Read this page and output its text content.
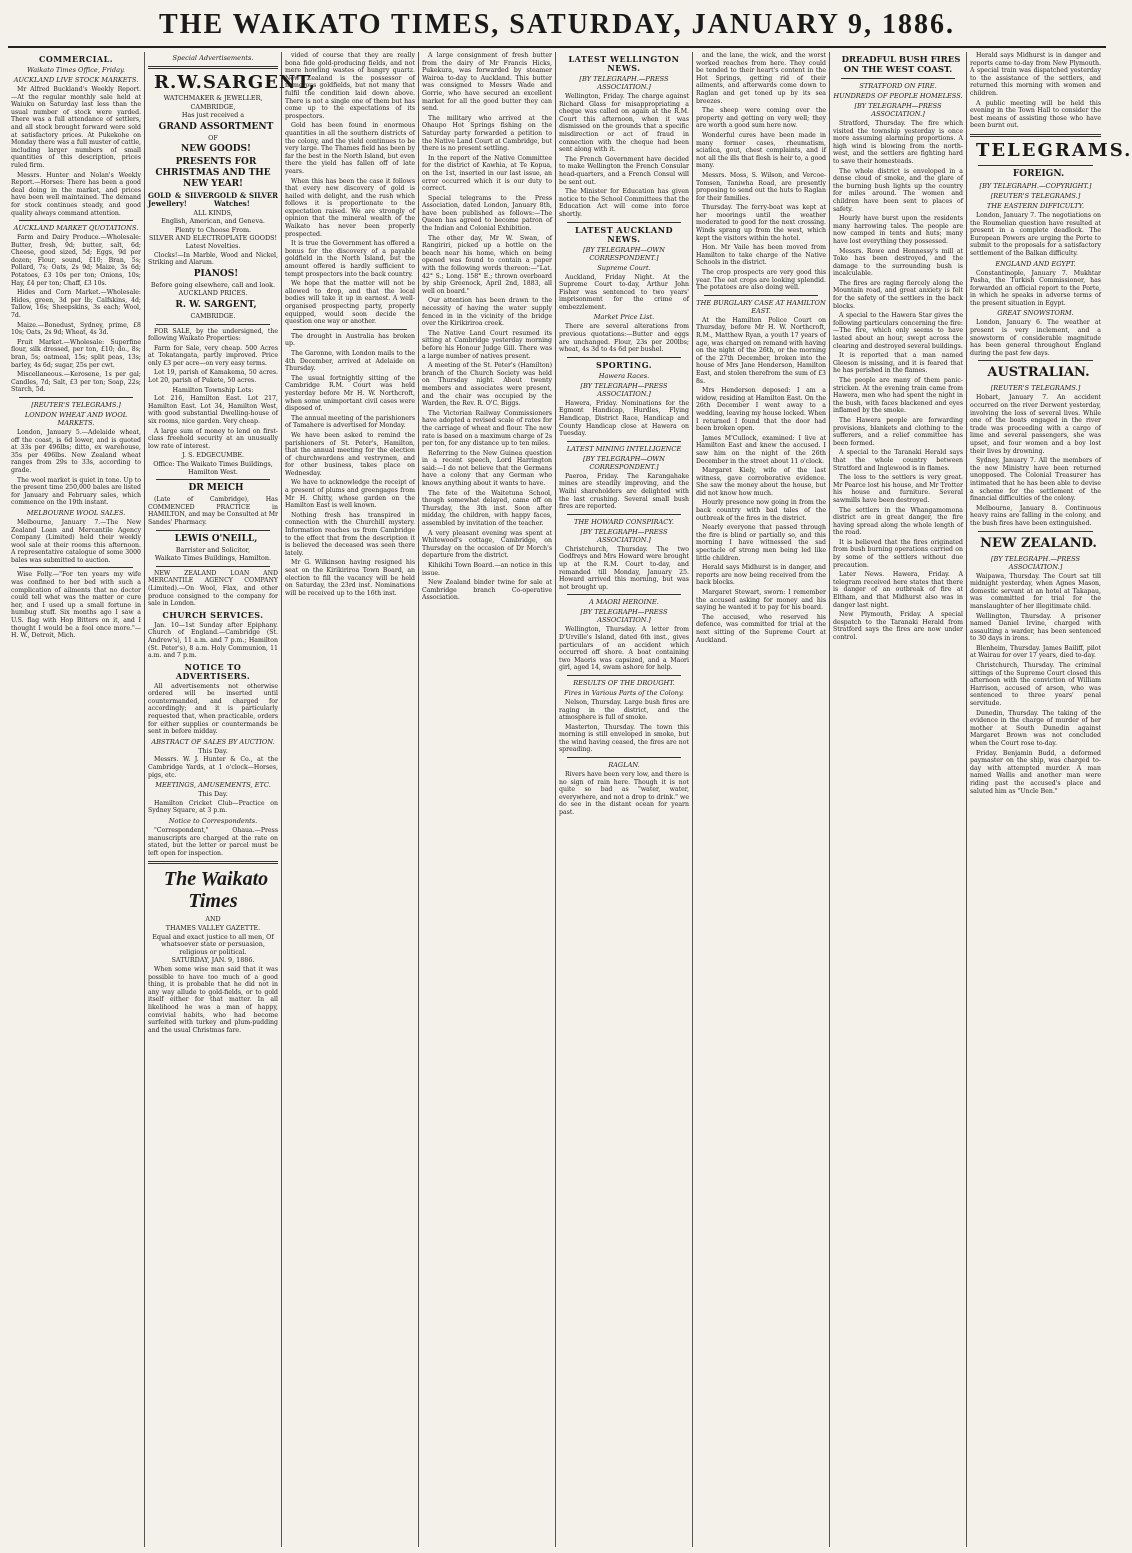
THE WAIKATO TIMES, SATURDAY, JANUARY 9, 1886.
COMMERCIAL.
Waikato Times Office, Friday.
AUCKLAND LIVE STOCK MARKETS.

Mr Alfred Buckland's Weekly Report. —At the regular monthly sale held at Waiuku on Saturday last less than the usual number of stock were yarded. There was a full attendance of settlers, and all stock brought forward were sold at satisfactory prices. At Pukekohe on Monday there was a full muster of cattle, including larger numbers of small quantities of this description, prices ruled firm.

Messrs. Hunter and Nolan's Weekly Report.—Horses: There has been a good deal doing in the market, and prices have been well maintained. The demand for stock continues steady, and good quality always command attention.

AUCKLAND MARKET QUOTATIONS.

Farm and Dairy Produce.—Wholesale: Butter, fresh, 9d; butter, salt, 6d; Cheese, good sized, 5d; Eggs, 9d per dozen; Flour, sound, £10; Bran, 5s; Pollard, 7s; Oats, 2s 9d; Maize, 3s 6d; Potatoes, £3 10s per ton; Onions, 10s; Hay, £4 per ton; Chaff, £3 10s.

Hides and Corn Market.—Wholesale: Hides, green, 3d per lb; Calfskins, 4d; Tallow, 16s; Sheepskins, 3s each; Wool, 7d.

Maize.—Bonedust, Sydney, prime, £8 10s; Oats, 2s 9d; Wheat, 4s 3d.

Fruit Market.—Wholesale: Superfine flour, silk dressed, per ton, £10; do., 8s; bran, 5s; oatmeal, 15s; split peas, 13s; barley, 4s 6d; sugar, 25s per cwt.

Miscellaneous.—Kerosene, 1s per gal; Candles, 7d; Salt, £3 per ton; Soap, 22s; Starch, 5d.

[REUTER'S TELEGRAMS.]
LONDON WHEAT AND WOOL MARKETS.

London, January 5.—Adelaide wheat, off the coast, is 6d lower, and is quoted at 33s per 496lbs; ditto, ex warehouse, 35s per 496lbs. New Zealand wheat ranges from 29s to 33s, according to grade.

The wool market is quiet in tone. Up to the present time 250,000 bales are listed for January and February sales, which commence on the 19th instant.

MELBOURNE WOOL SALES.

Melbourne, January 7.—The New Zealand Loan and Mercantile Agency Company (Limited) held their weekly wool sale at their rooms this afternoon. A representative catalogue of some 3000 bales was submitted to auction.

Wise Folly.—"For ten years my wife was confined to her bed with such a complication of ailments that no doctor could tell what was the matter or cure her, and I used up a small fortune in humbug stuff. Six months ago I saw a U.S. flag with Hop Bitters on it, and I thought I would be a fool once more."—H. W., Detroit, Mich.

Special Advertisements.

R.W.SARGENT,

WATCHMAKER & JEWELLER,

CAMBRIDGE,

Has just received a

GRAND ASSORTMENT

OF

NEW GOODS!

PRESENTS FOR CHRISTMAS AND THE NEW YEAR!

GOLD & SILVER Jewellery!
GOLD & SILVER Watches!

ALL KINDS,

English, American, and Geneva.

Plenty to Choose From.

SILVER AND ELECTROPLATE GOODS! Latest Novelties.

Clocks!—In Marble, Wood and Nickel, Striking and Alarum.

PIANOS!

Before going elsewhere, call and look.

AUCKLAND PRICES.

R. W. SARGENT,

CAMBRIDGE.

FOR SALE, by the undersigned, the following Waikato Properties:

Farm for Sale, very cheap. 500 Acres at Tokatangata, partly improved. Price only £3 per acre—on very easy terms.

Lot 19, parish of Kamakema, 50 acres. Lot 20, parish of Pukete, 50 acres.

Hamilton Township Lots:

Lot 216, Hamilton East. Lot 217, Hamilton East. Lot 34, Hamilton West, with good substantial Dwelling-house of six rooms, nice garden. Very cheap.

A large sum of money to lend on first-class freehold security at an unusually low rate of interest.

J. S. EDGECUMBE.

Office: The Waikato Times Buildings, Hamilton West.

DR MEICH

(Late of Cambridge), Has COMMENCED PRACTICE in HAMILTON, and may be Consulted at Mr Sandes' Pharmacy.

LEWIS O'NEILL,

Barrister and Solicitor,

Waikato Times Buildings, Hamilton.

NEW ZEALAND LOAN AND MERCANTILE AGENCY COMPANY (Limited).—On Wool, Flax, and other produce consigned to the company for sale in London.

CHURCH SERVICES.

Jan. 10—1st Sunday after Epiphany. Church of England.—Cambridge (St. Andrew's), 11 a.m. and 7 p.m.; Hamilton (St. Peter's), 8 a.m. Holy Communion, 11 a.m. and 7 p.m.

NOTICE TO ADVERTISERS.

All advertisements not otherwise ordered will be inserted until countermanded, and charged for accordingly; and it is particularly requested that, when practicable, orders for either supplies or countermands be sent in before midday.

ABSTRACT OF SALES BY AUCTION.

This Day.

Messrs. W. J. Hunter & Co., at the Cambridge Yards, at 1 o'clock—Horses, pigs, etc.

MEETINGS, AMUSEMENTS, ETC.

This Day.

Hamilton Cricket Club—Practice on Sydney Square, at 3 p.m.

Notice to Correspondents.

"Correspondent," Ohaua.—Press manuscripts are charged at the rate on stated, but the letter or parcel must be left open for inspection.

The Waikato Times

AND

THAMES VALLEY GAZETTE.

Equal and exact justice to all men, Of whatsoever state or persuasion, religious or political.

SATURDAY, JAN. 9, 1886.

When some wise man said that it was possible to have too much of a good thing, it is probable that he did not in any way allude to gold-fields, or to gold itself either for that matter. In all likelihood he was a man of happy, convivial habits, who had become surfeited with turkey and plum-pudding and the usual Christmas fare.

vided of course that they are really bona fide gold-producing fields, and not mere howling wastes of hungry quartz. New Zealand is the possessor of numerous goldfields, but not many that fulfil the condition laid down above. There is not a single one of them but has come up to the expectations of its prospectors.

Gold has been found in enormous quantities in all the southern districts of the colony, and the yield continues to be very large. The Thames field has been by far the best in the North Island, but even there the yield has fallen off of late years.

When this has been the case it follows that every new discovery of gold is hailed with delight, and the rush which follows it is proportionate to the expectation raised. We are strongly of opinion that the mineral wealth of the Waikato has never been properly prospected.

It is true the Government has offered a bonus for the discovery of a payable goldfield in the North Island, but the amount offered is hardly sufficient to tempt prospectors into the back country.

We hope that the matter will not be allowed to drop, and that the local bodies will take it up in earnest. A well-organised prospecting party, properly equipped, would soon decide the question one way or another.

The drought in Australia has broken up.

The Garonne, with London mails to the 4th December, arrived at Adelaide on Thursday.

The usual fortnightly sitting of the Cambridge R.M. Court was held yesterday before Mr H. W. Northcroft, when some unimportant civil cases were disposed of.

The annual meeting of the parishioners of Tamahere is advertised for Monday.

We have been asked to remind the parishioners of St. Peter's, Hamilton, that the annual meeting for the election of churchwardens and vestrymen, and for other business, takes place on Wednesday.

We have to acknowledge the receipt of a present of plums and greengages from Mr H. Chitty, whose garden on the Hamilton East is well known.

Nothing fresh has transpired in connection with the Churchill mystery. Information reaches us from Cambridge to the effect that from the description it is believed the deceased was seen there lately.

Mr G. Wilkinson having resigned his seat on the Kirikiriroa Town Board, an election to fill the vacancy will be held on Saturday, the 23rd inst. Nominations will be received up to the 16th inst.

A large consignment of fresh butter from the dairy of Mr Francis Hicks, Pukekura, was forwarded by steamer Wairoa to-day to Auckland. This butter was consigned to Messrs Wade and Gorrie, who have secured an excellent market for all the good butter they can send.

The military who arrived at the Ohaupo Hot Springs fishing on the Saturday party forwarded a petition to the Native Land Court at Cambridge, but there is no present settling.

In the report of the Native Committee for the district of Kawhia, at Te Kopua, on the 1st, inserted in our last issue, an error occurred which it is our duty to correct.

Special telegrams to the Press Association, dated London, January 8th, have been published as follows:—The Queen has agreed to become patron of the Indian and Colonial Exhibition.

The other day, Mr W. Swan, of Rangiriri, picked up a bottle on the beach near his home, which on being opened was found to contain a paper with the following words thereon:—"Lat. 42° S.; Long. 158° E.; thrown overboard by ship Greenock, April 2nd, 1883, all well on board."

Our attention has been drawn to the necessity of having the water supply fenced in in the vicinity of the bridge over the Kirikiriroa creek.

The Native Land Court resumed its sitting at Cambridge yesterday morning before his Honour Judge Gill. There was a large number of natives present.

A meeting of the St. Peter's (Hamilton) branch of the Church Society was held on Thursday night. About twenty members and associates were present, and the chair was occupied by the Warden, the Rev. R. O'C. Biggs.

The Victorian Railway Commissioners have adopted a revised scale of rates for the carriage of wheat and flour. The new rate is based on a maximum charge of 2s per ton, for any distance up to ten miles.

Referring to the New Guinea question in a recent speech, Lord Harrington said:—I do not believe that the Germans have a colony that any German who knows anything about it wants to have.

The fete of the Waitetuna School, though somewhat delayed, came off on Thursday, the 3th inst. Soon after midday, the children, with happy faces, assembled by invitation of the teacher.

A very pleasant evening was spent at Whitewood's cottage, Cambridge, on Thursday on the occasion of Dr Morch's departure from the district.

Kihikihi Town Board.—an notice in this issue.

New Zealand binder twine for sale at Cambridge branch Co-operative Association.

LATEST WELLINGTON NEWS.
[BY TELEGRAPH.—PRESS ASSOCIATION.]

Wellington, Friday. The charge against Richard Glass for misappropriating a cheque was called on again at the R.M. Court this afternoon, when it was dismissed on the grounds that a specific misdirection or act of fraud in connection with the cheque had been sent along with it.

The French Government have decided to make Wellington the French Consular head-quarters, and a French Consul will be sent out.

The Minister for Education has given notice to the School Committees that the Education Act will come into force shortly.

LATEST AUCKLAND NEWS.
[BY TELEGRAPH—OWN CORRESPONDENT.]
Supreme Court.

Auckland, Friday Night. At the Supreme Court to-day, Arthur John Fisher was sentenced to two years' imprisonment for the crime of embezzlement.

Market Price List.

There are several alterations from previous quotations:—Butter and eggs are unchanged. Flour, 23s per 200lbs; wheat, 4s 3d to 4s 6d per bushel.

SPORTING.
Hawera Races.
[BY TELEGRAPH—PRESS ASSOCIATION.]

Hawera, Friday. Nominations for the Egmont Handicap, Hurdles, Flying Handicap, District Race, Handicap and County Handicap close at Hawera on Tuesday.

LATEST MINING INTELLIGENCE
[BY TELEGRAPH—OWN CORRESPONDENT.]

Paeroa, Friday. The Karangahake mines are steadily improving, and the Waihi shareholders are delighted with the last crushing. Several small bush fires are reported.

THE HOWARD CONSPIRACY.
[BY TELEGRAPH—PRESS ASSOCIATION.]

Christchurch, Thursday. The two Godfreys and Mrs Howard were brought up at the R.M. Court to-day, and remanded till Monday, January 25. Howard arrived this morning, but was not brought up.

A MAORI HEROINE.
[BY TELEGRAPH—PRESS ASSOCIATION.]

Wellington, Thursday. A letter from D'Urville's Island, dated 6th inst., gives particulars of an accident which occurred off shore. A boat containing two Maoris was capsized, and a Maori girl, aged 14, swam ashore for help.

RESULTS OF THE DROUGHT.
Fires in Various Parts of the Colony.

Nelson, Thursday. Large bush fires are raging in the district, and the atmosphere is full of smoke.

Masterton, Thursday. The town this morning is still enveloped in smoke, but the wind having ceased, the fires are not spreading.

RAGLAN.

Rivers have been very low, and there is no sign of rain here. Though it is not quite so bad as "water, water, everywhere, and not a drop to drink." we do see in the distant ocean for yearn past.

and the lane, the wick, and the worst worked reaches from here. They could be tended to their heart's content in the Hot Springs, getting rid of their ailments, and afterwards come down to Raglan and get toned up by its sea breezes.

The sheep were coming over the property and getting on very well; they are worth a good sum here now.

Wonderful cures have been made in many former cases, rheumatism, sciatica, gout, chest complaints, and if not all the ills that flesh is heir to, a good many.

Messrs. Moss, S. Wilson, and Vercoe-Tomsen, Taniwha Road, are presently proposing to send out the huts to Raglan for their families.

Thursday. The ferry-boat was kept at her moorings until the weather moderated to good for the next crossing. Winds sprang up from the west, which kept the visitors within the hotel.

Hon. Mr Vaile has been moved from Hamilton to take charge of the Native Schools in the district.

The crop prospects are very good this year. The oat crops are looking splendid. The potatoes are also doing well.

THE BURGLARY CASE AT HAMILTON EAST.

At the Hamilton Police Court on Thursday, before Mr H. W. Northcroft, R.M., Matthew Ryan, a youth 17 years of age, was charged on remand with having on the night of the 26th, or the morning of the 27th December, broken into the house of Mrs Jane Henderson, Hamilton East, and stolen therefrom the sum of £3 8s.

Mrs Henderson deposed: I am a widow, residing at Hamilton East. On the 26th December I went away to a wedding, leaving my house locked. When I returned I found that the door had been broken open.

James M'Cullock, examined: I live at Hamilton East and knew the accused. I saw him on the night of the 26th December in the street about 11 o'clock.

Margaret Kiely, wife of the last witness, gave corroborative evidence. She saw the money about the house, but did not know how much.

Hourly presence now going in from the back country with bad tales of the outbreak of the fires in the district.

Nearly everyone that passed through the fire is blind or partially so, and this morning I have witnessed the sad spectacle of strong men being led like little children.

Herald says Midhurst is in danger, and reports are now being received from the back blocks.

Margaret Stewart, sworn: I remember the accused asking for money and his saying he wanted it to pay for his board.

The accused, who reserved his defence, was committed for trial at the next sitting of the Supreme Court at Auckland.

DREADFUL BUSH FIRES ON THE WEST COAST.

STRATFORD ON FIRE.
HUNDREDS OF PEOPLE HOMELESS.
[BY TELEGRAPH—PRESS ASSOCIATION.]

Stratford, Thursday. The fire which visited the township yesterday is once more assuming alarming proportions. A high wind is blowing from the north-west, and the settlers are fighting hard to save their homesteads.

The whole district is enveloped in a dense cloud of smoke, and the glare of the burning bush lights up the country for miles around. The women and children have been sent to places of safety.

Hourly have burst upon the residents many harrowing tales. The people are now camped in tents and huts; many have lost everything they possessed.

Messrs. Rowe and Hennessy's mill at Toko has been destroyed, and the damage to the surrounding bush is incalculable.

The fires are raging fiercely along the Mountain road, and great anxiety is felt for the safety of the settlers in the back blocks.

A special to the Hawera Star gives the following particulars concerning the fire:—The fire, which only seems to have lasted about an hour, swept across the clearing and destroyed several buildings.

It is reported that a man named Gleeson is missing, and it is feared that he has perished in the flames.

The people are many of them panic-stricken. At the evening train came from Hawera, men who had spent the night in the bush, with faces blackened and eyes inflamed by the smoke.

The Hawera people are forwarding provisions, blankets and clothing to the sufferers, and a relief committee has been formed.

A special to the Taranaki Herald says that the whole country between Stratford and Inglewood is in flames.

The loss to the settlers is very great. Mr Pearce lost his house, and Mr Trotter his house and furniture. Several sawmills have been destroyed.

The settlers in the Whangamomona district are in great danger, the fire having spread along the whole length of the road.

It is believed that the fires originated from bush burning operations carried on by some of the settlers without due precaution.

Later News. Hawera, Friday. A telegram received here states that there is danger of an outbreak of fire at Eltham, and that Midhurst also was in danger last night.

New Plymouth, Friday. A special despatch to the Taranaki Herald from Stratford says the fires are now under control.

Herald says Midhurst is in danger and reports came to-day from New Plymouth. A special train was dispatched yesterday to the assistance of the settlers, and returned this morning with women and children.

A public meeting will be held this evening in the Town Hall to consider the best means of assisting those who have been burnt out.

TELEGRAMS.

FOREIGN.

[BY TELEGRAPH.—COPYRIGHT.]
[REUTER'S TELEGRAMS.]
THE EASTERN DIFFICULTY.

London, January 7. The negotiations on the Roumelian question have resulted at present in a complete deadlock. The European Powers are urging the Porte to submit to the proposals for a satisfactory settlement of the Balkan difficulty.

ENGLAND AND EGYPT.

Constantinople, January 7. Mukhtar Pasha, the Turkish Commissioner, has forwarded an official report to the Porte, in which he speaks in adverse terms of the present situation in Egypt.

GREAT SNOWSTORM.

London, January 6. The weather at present is very inclement, and a snowstorm of considerable magnitude has been general throughout England during the past few days.

AUSTRALIAN.

[REUTER'S TELEGRAMS.]

Hobart, January 7. An accident occurred on the river Derwent yesterday, involving the loss of several lives. While one of the boats engaged in the river trade was proceeding with a cargo of lime and several passengers, she was upset, and four women and a boy lost their lives by drowning.

Sydney, January 7. All the members of the new Ministry have been returned unopposed. The Colonial Treasurer has intimated that he has been able to devise a scheme for the settlement of the financial difficulties of the colony.

Melbourne, January 8. Continuous heavy rains are falling in the colony, and the bush fires have been extinguished.

NEW ZEALAND.

[BY TELEGRAPH.—PRESS ASSOCIATION.]

Waipawa, Thursday. The Court sat till midnight yesterday, when Agnes Mason, domestic servant at an hotel at Takapau, was committed for trial for the manslaughter of her illegitimate child.

Wellington, Thursday. A prisoner named Daniel Irvine, charged with assaulting a warder, has been sentenced to 30 days in irons.

Blenheim, Thursday. James Bailiff, pilot at Wairau for over 17 years, died to-day.

Christchurch, Thursday. The criminal sittings of the Supreme Court closed this afternoon with the conviction of William Harrison, accused of arson, who was sentenced to three years' penal servitude.

Dunedin, Thursday. The taking of the evidence in the charge of murder of her mother at South Dunedin against Margaret Brown was not concluded when the Court rose to-day.

Friday. Benjamin Budd, a deformed paymaster on the ship, was charged to-day with attempted murder. A man named Wallis and another man were riding past the accused's place and saluted him as "Uncle Ben."
